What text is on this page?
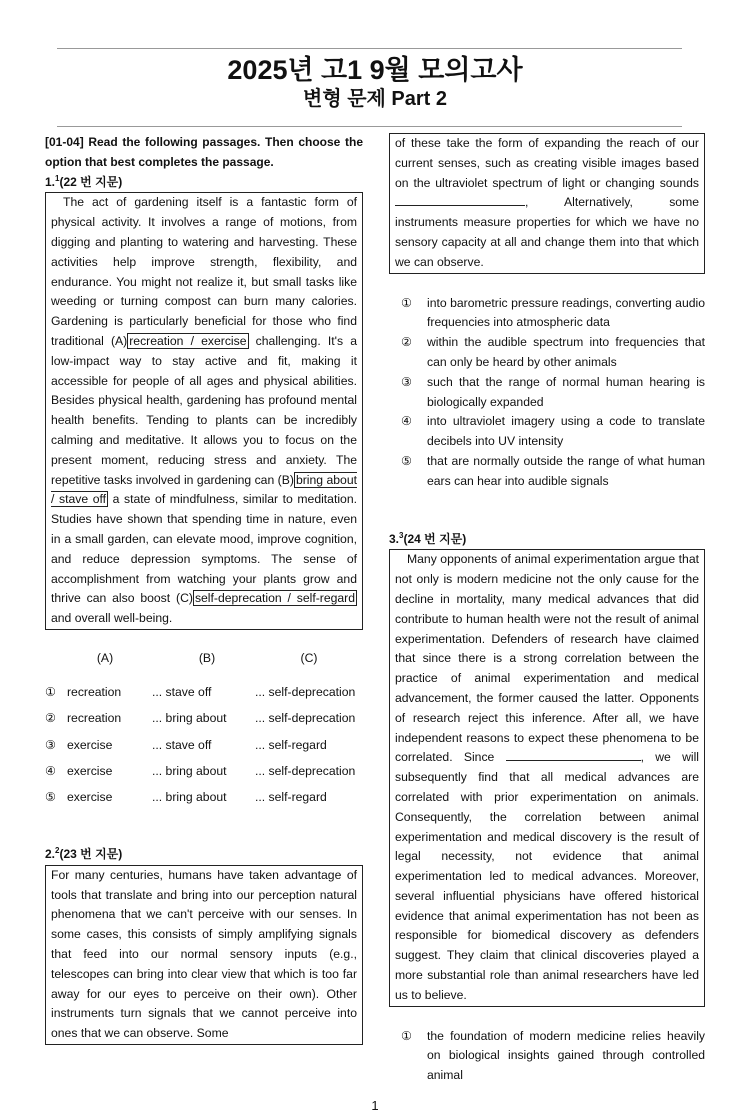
2025년 고1 9월 모의고사
변형 문제 Part 2
[01-04] Read the following passages. Then choose the option that best completes the passage.
1.$^1$(22 번 지문)
The act of gardening itself is a fantastic form of physical activity. It involves a range of motions, from digging and planting to watering and harvesting. These activities help improve strength, flexibility, and endurance. You might not realize it, but small tasks like weeding or turning compost can burn many calories. Gardening is particularly beneficial for those who find traditional (A) recreation / exercise challenging. It's a low-impact way to stay active and fit, making it accessible for people of all ages and physical abilities. Besides physical health, gardening has profound mental health benefits. Tending to plants can be incredibly calming and meditative. It allows you to focus on the present moment, reducing stress and anxiety. The repetitive tasks involved in gardening can (B) bring about / stave off a state of mindfulness, similar to meditation. Studies have shown that spending time in nature, even in a small garden, can elevate mood, improve cognition, and reduce depression symptoms. The sense of accomplishment from watching your plants grow and thrive can also boost (C) self-deprecation / self-regard and overall well-being.
(A)	(B)	(C)
① recreation	... stave off	... self-deprecation
② recreation	... bring about	... self-deprecation
③ exercise	... stave off	... self-regard
④ exercise	... bring about	... self-deprecation
⑤ exercise	... bring about	... self-regard
2.$^2$(23 번 지문)
For many centuries, humans have taken advantage of tools that translate and bring into our perception natural phenomena that we can't perceive with our senses. In some cases, this consists of simply amplifying signals that feed into our normal sensory inputs (e.g., telescopes can bring into clear view that which is too far away for our eyes to perceive on their own). Other instruments turn signals that we cannot perceive into ones that we can observe. Some
of these take the form of expanding the reach of our current senses, such as creating visible images based on the ultraviolet spectrum of light or changing sounds , Alternatively, some instruments measure properties for which we have no sensory capacity at all and change them into that which we can observe.
①	into barometric pressure readings, converting audio frequencies into atmospheric data
②	within the audible spectrum into frequencies that can only be heard by other animals
③	such that the range of normal human hearing is biologically expanded
④	into ultraviolet imagery using a code to translate decibels into UV intensity
⑤	that are normally outside the range of what human ears can hear into audible signals
3.$^3$(24 번 지문)
Many opponents of animal experimentation argue that not only is modern medicine not the only cause for the decline in mortality, many medical advances that did contribute to human health were not the result of animal experimentation. Defenders of research have claimed that since there is a strong correlation between the practice of animal experimentation and medical advancement, the former caused the latter. Opponents of research reject this inference. After all, we have independent reasons to expect these phenomena to be correlated. Since	, we will subsequently find that all medical advances are correlated with prior experimentation on animals. Consequently, the correlation between animal experimentation and medical discovery is the result of legal necessity, not evidence that animal experimentation led to medical advances. Moreover, several influential physicians have offered historical evidence that animal experimentation has not been as responsible for biomedical discovery as defenders suggest. They claim that clinical discoveries played a more substantial role than animal researchers have led us to believe.
①	the foundation of modern medicine relies heavily on biological insights gained through controlled animal
1
